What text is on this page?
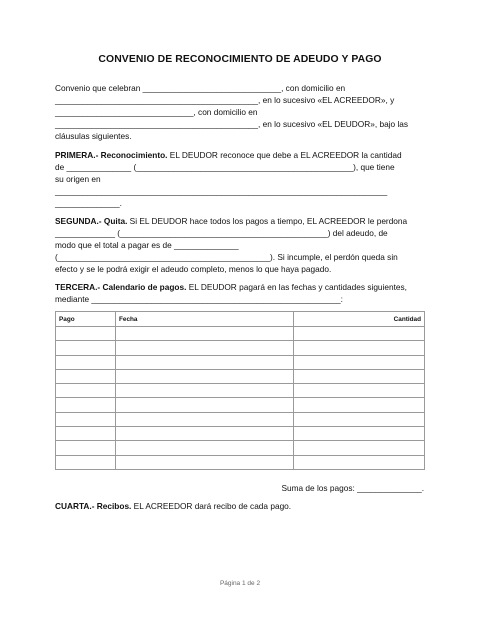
CONVENIO DE RECONOCIMIENTO DE ADEUDO Y PAGO
Convenio que celebran ______________________________, con domicilio en
____________________________________________, en lo sucesivo «EL ACREEDOR», y
______________________________, con domicilio en
____________________________________________, en lo sucesivo «EL DEUDOR», bajo las
cláusulas siguientes.
PRIMERA.- Reconocimiento. EL DEUDOR reconoce que debe a EL ACREEDOR la cantidad
de ______________ (_______________________________________________), que tiene
su origen en
________________________________________________________________________
______________.
SEGUNDA.- Quita. Si EL DEUDOR hace todos los pagos a tiempo, EL ACREEDOR le perdona
_____________ (_____________________________________________) del adeudo, de
modo que el total a pagar es de ______________
(______________________________________________). Si incumple, el perdón queda sin
efecto y se le podrá exigir el adeudo completo, menos lo que haya pagado.
TERCERA.- Calendario de pagos. EL DEUDOR pagará en las fechas y cantidades siguientes,
mediante ______________________________________________________:
Pago	Fecha	Cantidad

Suma de los pagos: ______________.
CUARTA.- Recibos. EL ACREEDOR dará recibo de cada pago.
Página 1 de 2
